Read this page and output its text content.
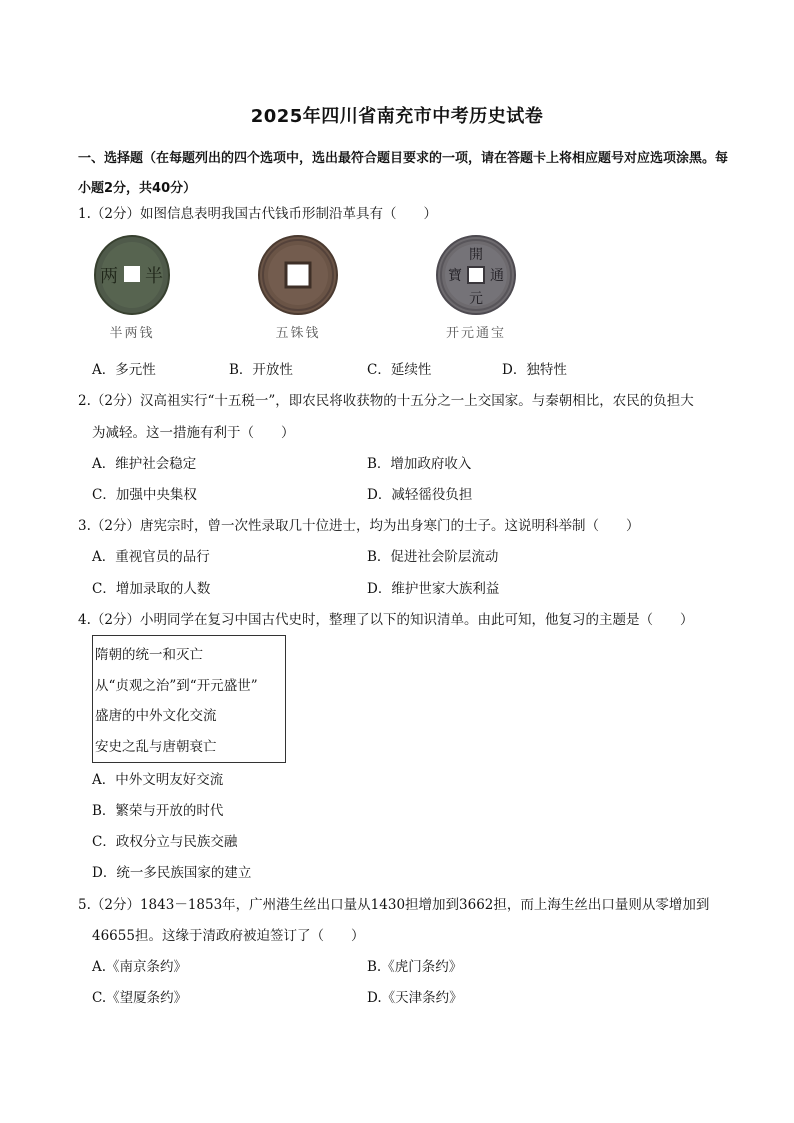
2025年四川省南充市中考历史试卷
一、选择题（在每题列出的四个选项中，选出最符合题目要求的一项，请在答题卡上将相应题号对应选项涂黑。每小题2分，共40分）
1.（2分）如图信息表明我国古代钱币形制沿革具有（　　）
两 半
半两钱	五铢钱
開
元
通
寶
开元通宝
A．多元性	B．开放性	C．延续性	D．独特性
2.（2分）汉高祖实行“十五税一”，即农民将收获物的十五分之一上交国家。与秦朝相比，农民的负担大
为减轻。这一措施有利于（　　）
A．维护社会稳定	B．增加政府收入
C．加强中央集权	D．减轻徭役负担
3.（2分）唐宪宗时，曾一次性录取几十位进士，均为出身寒门的士子。这说明科举制（　　）
A．重视官员的品行	B．促进社会阶层流动
C．增加录取的人数	D．维护世家大族利益
4.（2分）小明同学在复习中国古代史时，整理了以下的知识清单。由此可知，他复习的主题是（　　）
隋朝的统一和灭亡
从“贞观之治”到“开元盛世”
盛唐的中外文化交流
安史之乱与唐朝衰亡
A．中外文明友好交流
B．繁荣与开放的时代
C．政权分立与民族交融
D．统一多民族国家的建立
5.（2分）1843－1853年，广州港生丝出口量从1430担增加到3662担，而上海生丝出口量则从零增加到
46655担。这缘于清政府被迫签订了（　　）
A.《南京条约》	B.《虎门条约》
C.《望厦条约》	D.《天津条约》
